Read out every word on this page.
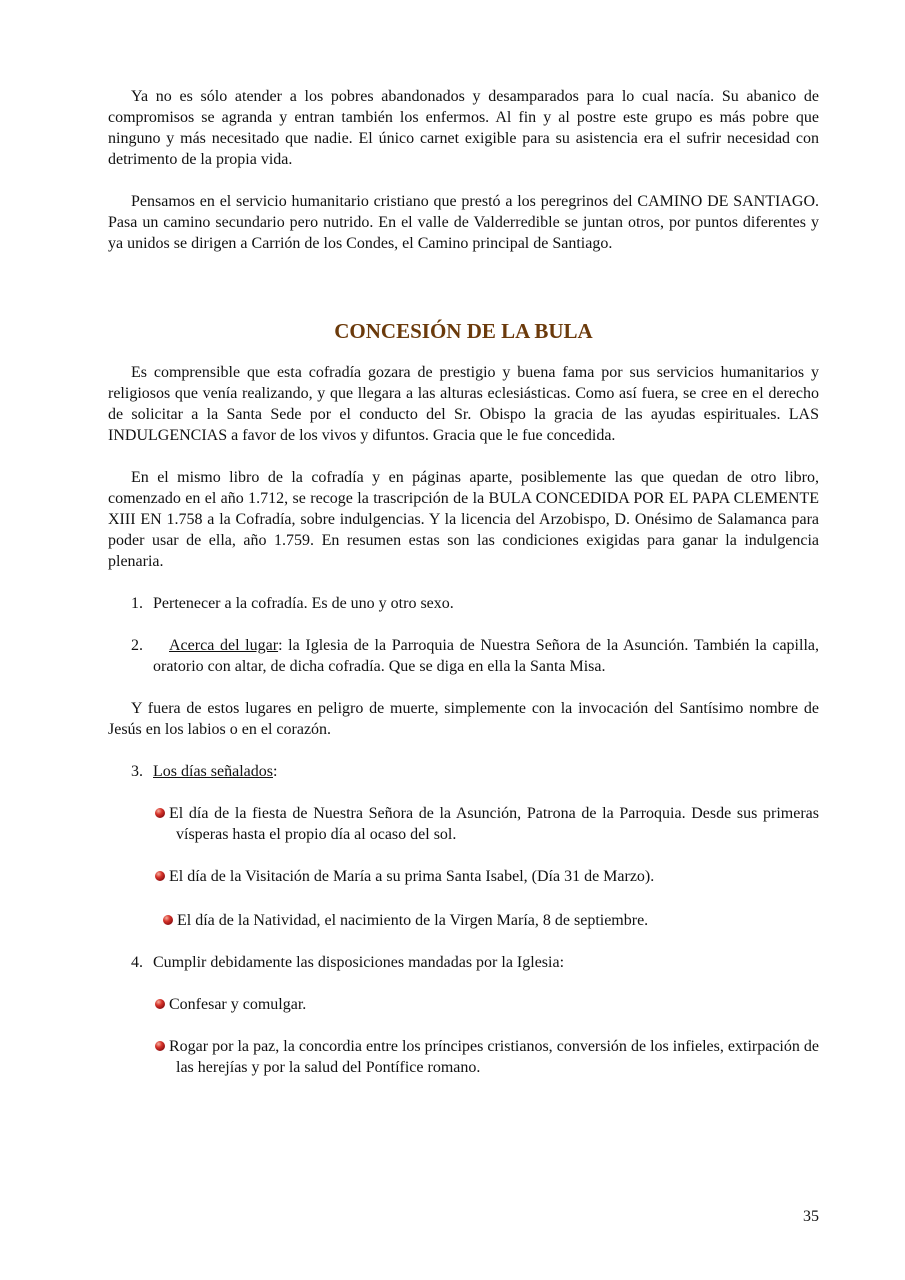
Ya no es sólo atender a los pobres abandonados y desamparados para lo cual nacía. Su abanico de compromisos se agranda y entran también los enfermos. Al fin y al postre este grupo es más pobre que ninguno y más necesitado que nadie. El único carnet exigible para su asistencia era el sufrir necesidad con detrimento de la propia vida.

Pensamos en el servicio humanitario cristiano que prestó a los peregrinos del CAMINO DE SANTIAGO. Pasa un camino secundario pero nutrido. En el valle de Valderredible se juntan otros, por puntos diferentes y ya unidos se dirigen a Carrión de los Condes, el Camino principal de Santiago.

CONCESIÓN DE LA BULA

Es comprensible que esta cofradía gozara de prestigio y buena fama por sus servicios humanitarios y religiosos que venía realizando, y que llegara a las alturas eclesiásticas. Como así fuera, se cree en el derecho de solicitar a la Santa Sede por el conducto del Sr. Obispo la gracia de las ayudas espirituales. LAS INDULGENCIAS a favor de los vivos y difuntos. Gracia que le fue concedida.

En el mismo libro de la cofradía y en páginas aparte, posiblemente las que quedan de otro libro, comenzado en el año 1.712, se recoge la trascripción de la BULA CONCEDIDA POR EL PAPA CLEMENTE XIII EN 1.758 a la Cofradía, sobre indulgencias. Y la licencia del Arzobispo, D. Onésimo de Salamanca para poder usar de ella, año 1.759. En resumen estas son las condiciones exigidas para ganar la indulgencia plenaria.

1. Pertenecer a la cofradía. Es de uno y otro sexo.
2.	Acerca del lugar: la Iglesia de la Parroquia de Nuestra Señora de la Asunción. También la capilla, oratorio con altar, de dicha cofradía. Que se diga en ella la Santa Misa.

Y fuera de estos lugares en peligro de muerte, simplemente con la invocación del Santísimo nombre de Jesús en los labios o en el corazón.

3. Los días señalados:
El día de la fiesta de Nuestra Señora de la Asunción, Patrona de la Parroquia. Desde sus primeras vísperas hasta el propio día al ocaso del sol.
El día de la Visitación de María a su prima Santa Isabel, (Día 31 de Marzo).
El día de la Natividad, el nacimiento de la Virgen María, 8 de septiembre.
4. Cumplir debidamente las disposiciones mandadas por la Iglesia:
Confesar y comulgar.
Rogar por la paz, la concordia entre los príncipes cristianos, conversión de los infieles, extirpación de las herejías y por la salud del Pontífice romano.
35
